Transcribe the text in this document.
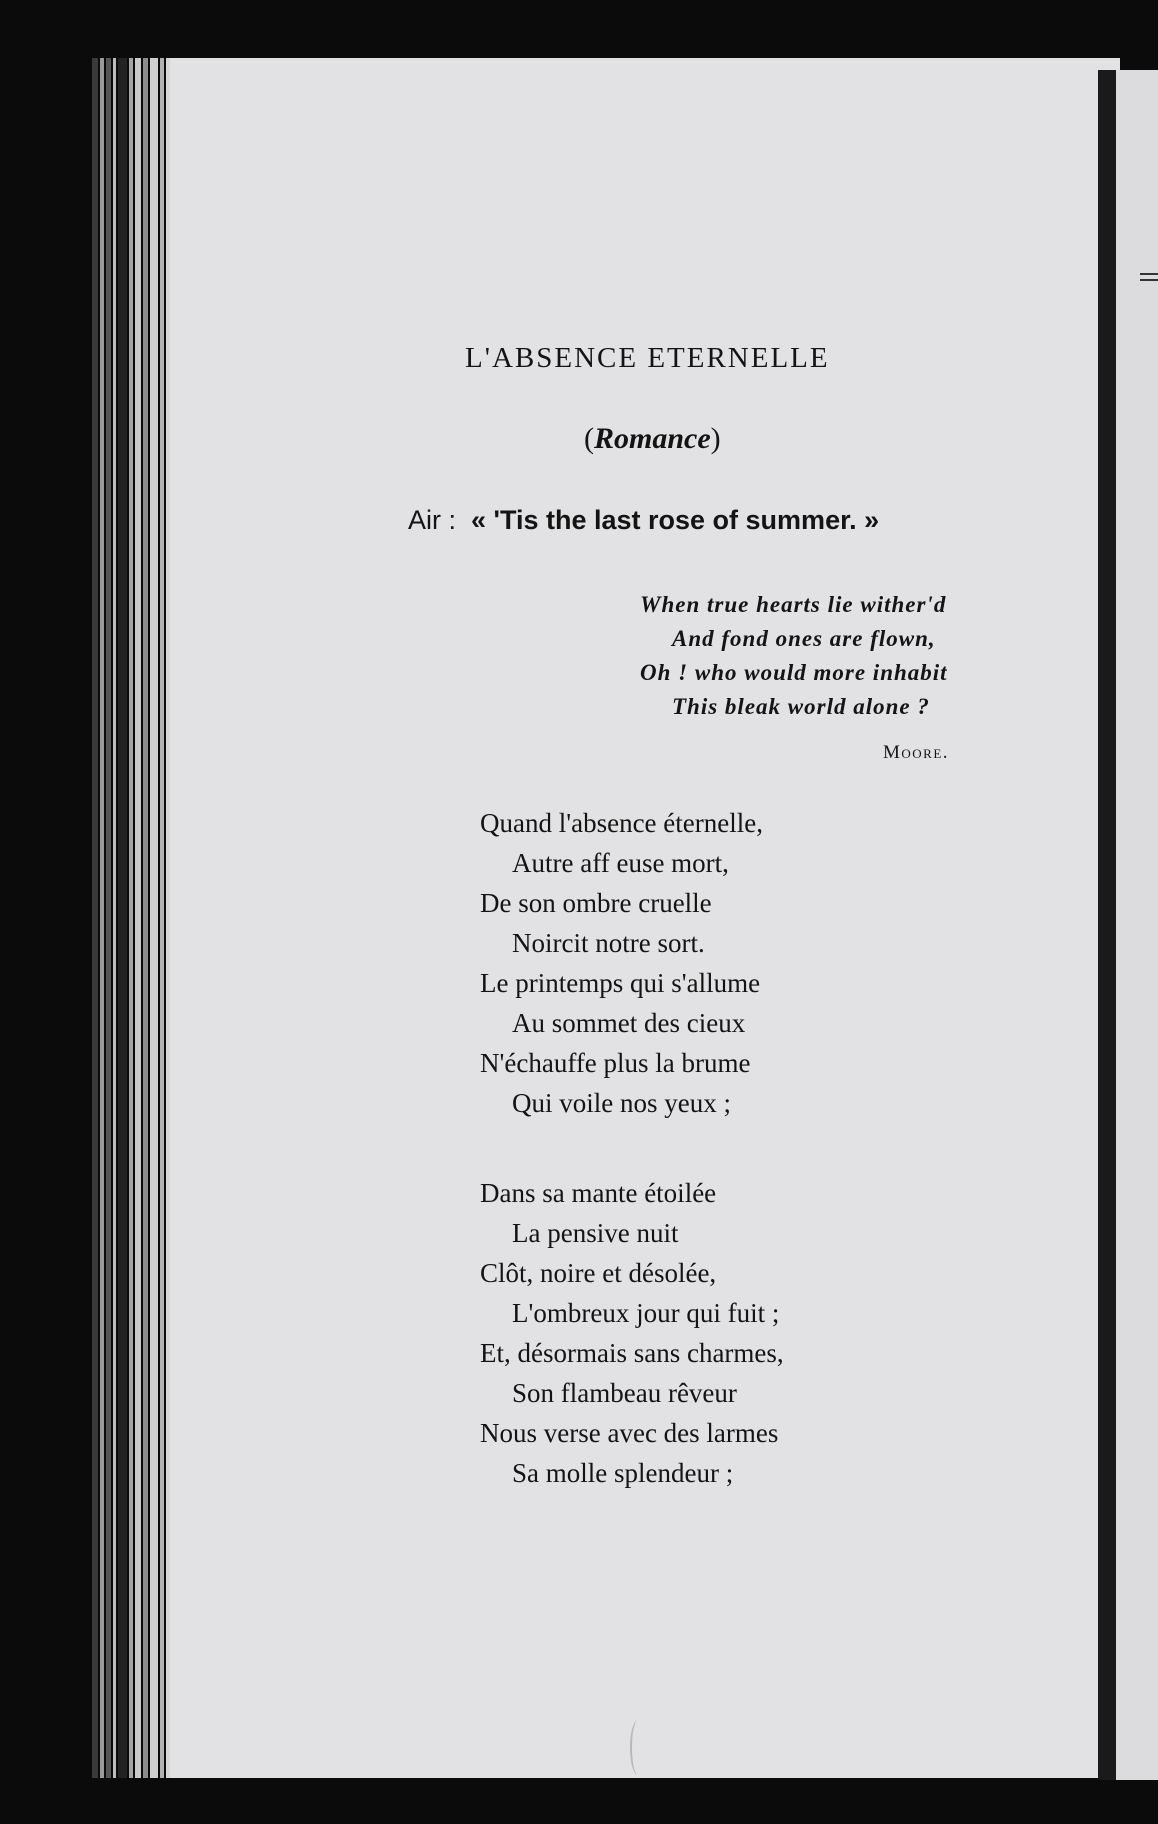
L'ABSENCE ETERNELLE
(Romance)
Air : « 'Tis the last rose of summer. »
When true hearts lie wither'd
And fond ones are flown,
Oh ! who would more inhabit
This bleak world alone ?
Moore.
Quand l'absence éternelle,
Autre aff euse mort,
De son ombre cruelle
Noircit notre sort.
Le printemps qui s'allume
Au sommet des cieux
N'échauffe plus la brume
Qui voile nos yeux ;
Dans sa mante étoilée
La pensive nuit
Clôt, noire et désolée,
L'ombreux jour qui fuit ;
Et, désormais sans charmes,
Son flambeau rêveur
Nous verse avec des larmes
Sa molle splendeur ;
